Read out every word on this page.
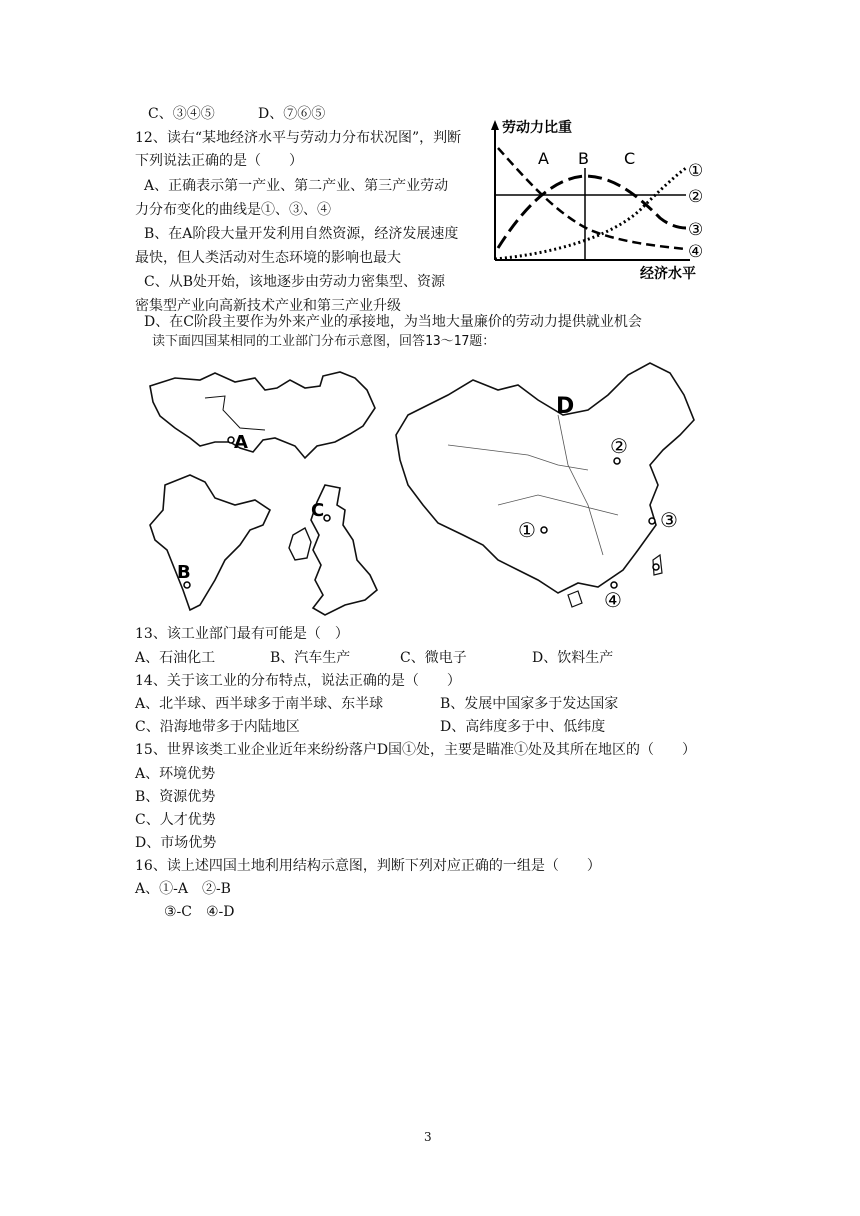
C、③④⑤	D、⑦⑥⑤
12、读右“某地经济水平与劳动力分布状况图”，判断
下列说法正确的是（　　）
A、正确表示第一产业、第二产业、第三产业劳动
力分布变化的曲线是①、③、④
B、在A阶段大量开发利用自然资源，经济发展速度
最快，但人类活动对生态环境的影响也最大
C、从B处开始，该地逐步由劳动力密集型、资源
密集型产业向高新技术产业和第三产业升级
D、在C阶段主要作为外来产业的承接地，为当地大量廉价的劳动力提供就业机会
劳动力比重
经济水平
A B C
①
②
③
④
读下面四国某相同的工业部门分布示意图，回答13～17题：
A
B
C
D
①
②
③
④
13、该工业部门最有可能是（　）
A、石油化工	B、汽车生产	C、微电子	D、饮料生产
14、关于该工业的分布特点，说法正确的是（　　）
A、北半球、西半球多于南半球、东半球	B、发展中国家多于发达国家
C、沿海地带多于内陆地区	D、高纬度多于中、低纬度
15、世界该类工业企业近年来纷纷落户D国①处，主要是瞄准①处及其所在地区的（　　）
A、环境优势
B、资源优势
C、人才优势
D、市场优势
16、读上述四国土地利用结构示意图，判断下列对应正确的一组是（　　）
A、①-A　②-B
③-C　④-D
3
